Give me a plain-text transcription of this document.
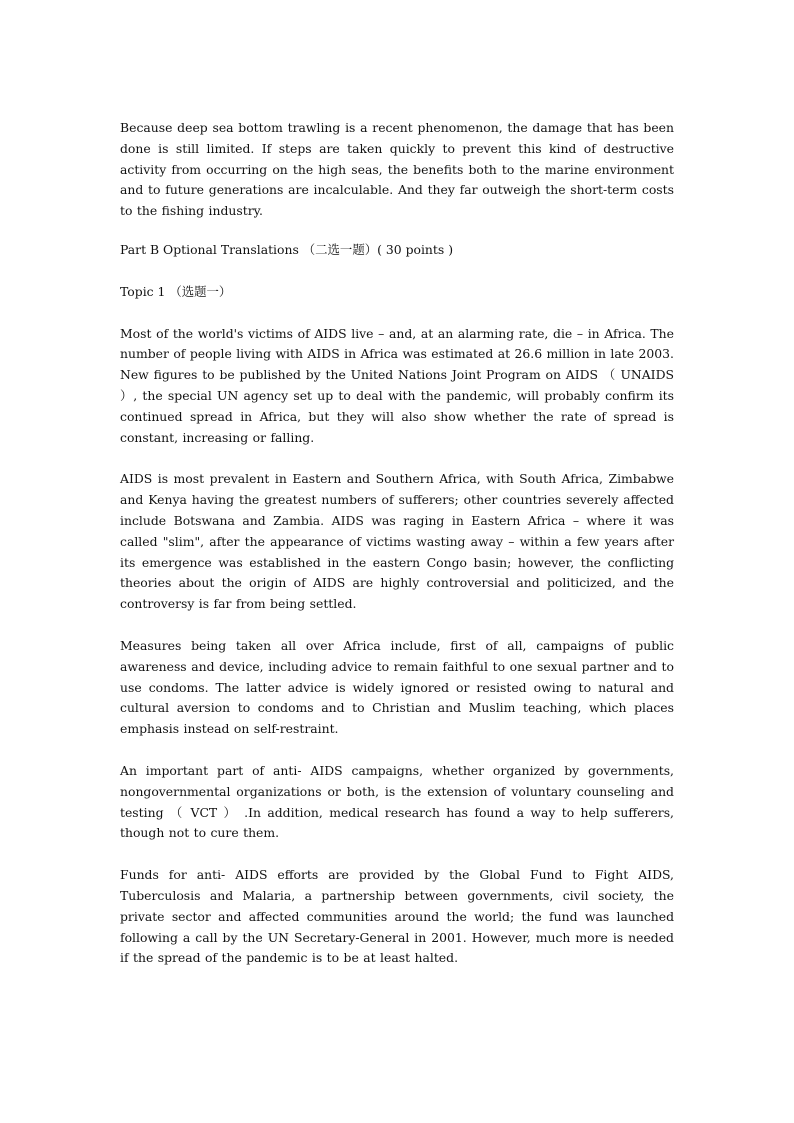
Because deep sea bottom trawling is a recent phenomenon, the damage that has been done is still limited. If steps are taken quickly to prevent this kind of destructive activity from occurring on the high seas, the benefits both to the marine environment and to future generations are incalculable. And they far outweigh the short-term costs to the fishing industry.

Part B Optional Translations （二选一题）( 30 points )

Topic 1 （选题一）

Most of the world's victims of AIDS live – and, at an alarming rate, die – in Africa. The number of people living with AIDS in Africa was estimated at 26.6 million in late 2003. New figures to be published by the United Nations Joint Program on AIDS （ UNAIDS ）, the special UN agency set up to deal with the pandemic, will probably confirm its continued spread in Africa, but they will also show whether the rate of spread is constant, increasing or falling.

AIDS is most prevalent in Eastern and Southern Africa, with South Africa, Zimbabwe and Kenya having the greatest numbers of sufferers; other countries severely affected include Botswana and Zambia. AIDS was raging in Eastern Africa – where it was called "slim", after the appearance of victims wasting away – within a few years after its emergence was established in the eastern Congo basin; however, the conflicting theories about the origin of AIDS are highly controversial and politicized, and the controversy is far from being settled.

Measures being taken all over Africa include, first of all, campaigns of public awareness and device, including advice to remain faithful to one sexual partner and to use condoms. The latter advice is widely ignored or resisted owing to natural and cultural aversion to condoms and to Christian and Muslim teaching, which places emphasis instead on self-restraint.

An important part of anti- AIDS campaigns, whether organized by governments, nongovernmental organizations or both, is the extension of voluntary counseling and testing （ VCT ） .In addition, medical research has found a way to help sufferers, though not to cure them.

Funds for anti- AIDS efforts are provided by the Global Fund to Fight AIDS, Tuberculosis and Malaria, a partnership between governments, civil society, the private sector and affected communities around the world; the fund was launched following a call by the UN Secretary-General in 2001. However, much more is needed if the spread of the pandemic is to be at least halted.
